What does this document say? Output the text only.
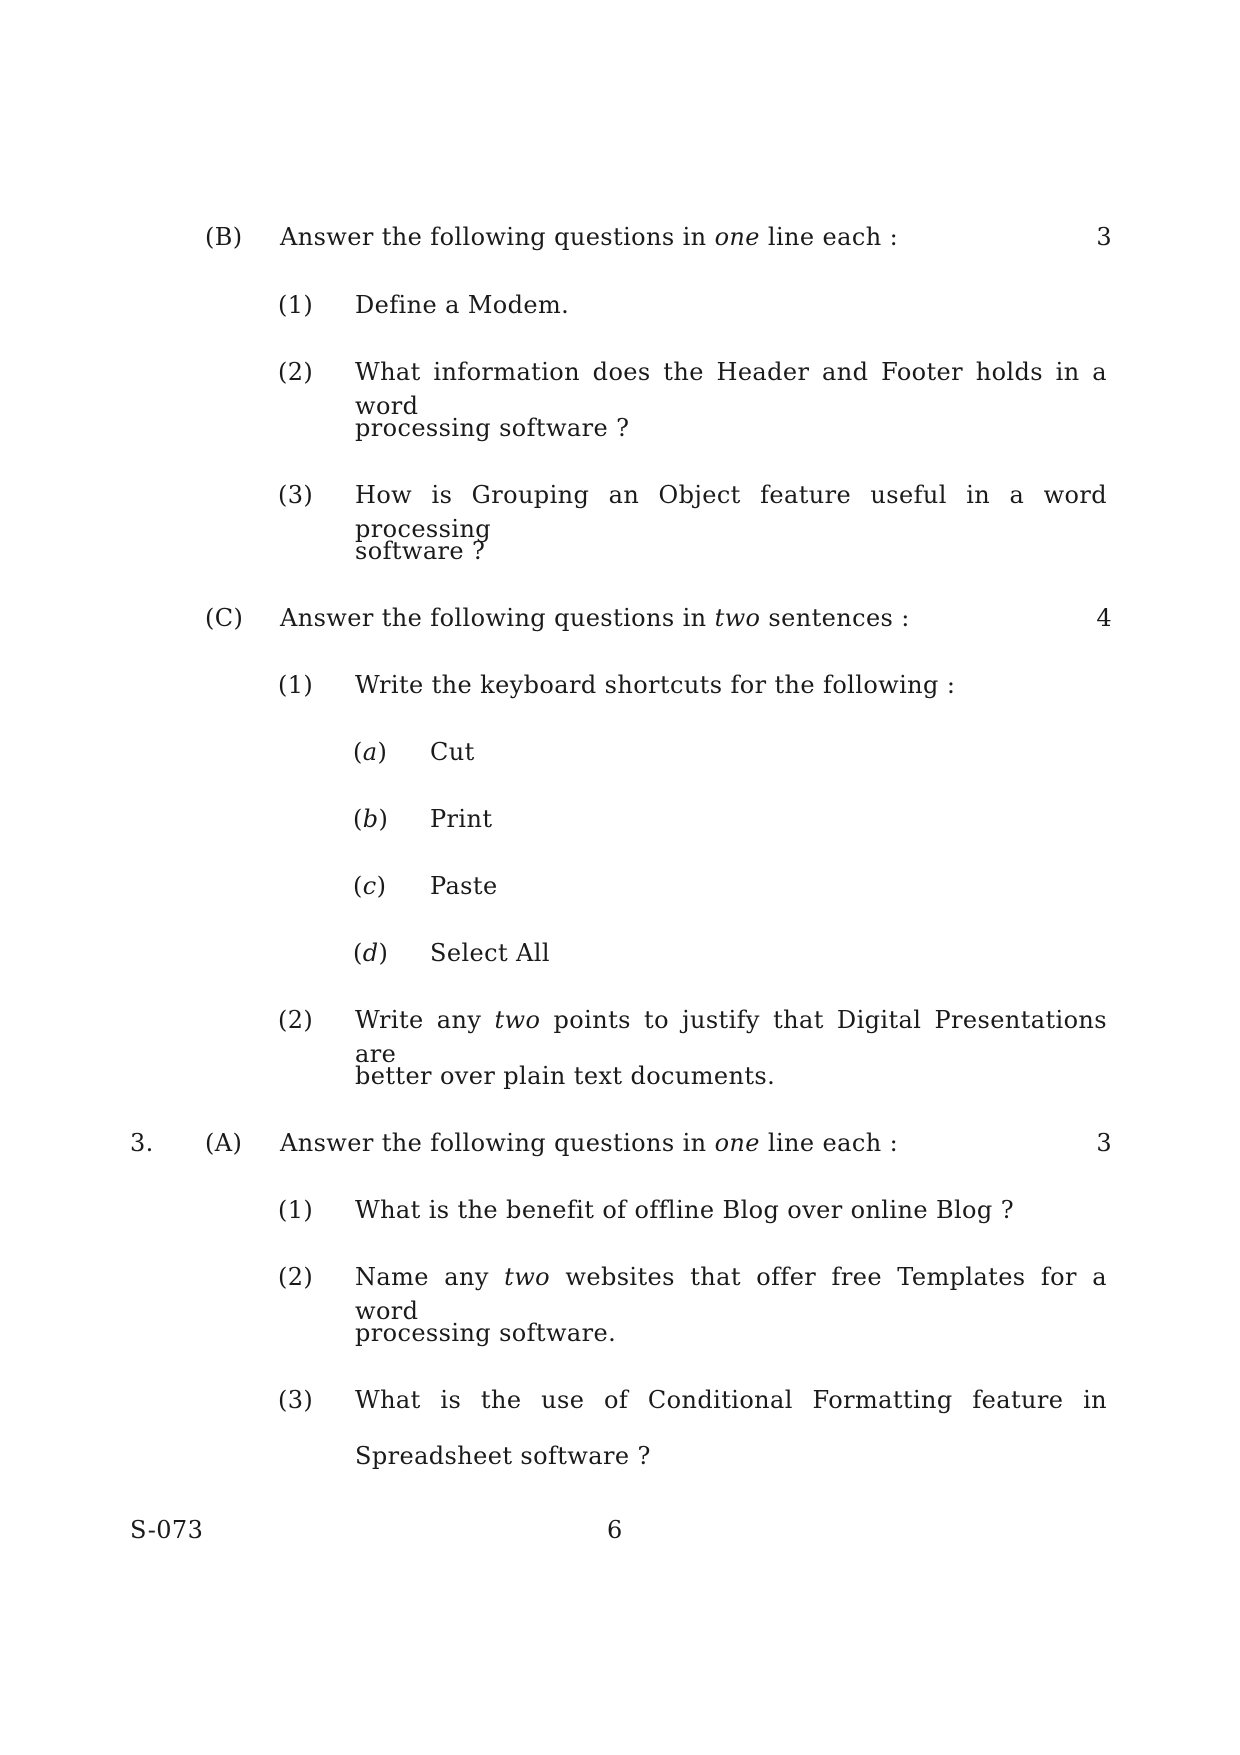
(B) Answer the following questions in one line each :	3
(1) Define a Modem.
(2) What information does the Header and Footer holds in a word
processing software ?
(3) How is Grouping an Object feature useful in a word processing
software ?
(C) Answer the following questions in two sentences :	4
(1) Write the keyboard shortcuts for the following :
(a) Cut
(b) Print
(c) Paste
(d) Select All
(2) Write any two points to justify that Digital Presentations are
better over plain text documents.
3. (A) Answer the following questions in one line each :	3
(1) What is the benefit of offline Blog over online Blog ?
(2) Name any two websites that offer free Templates for a word
processing software.
(3) What is the use of Conditional Formatting feature in
Spreadsheet software ?
S-073	6
